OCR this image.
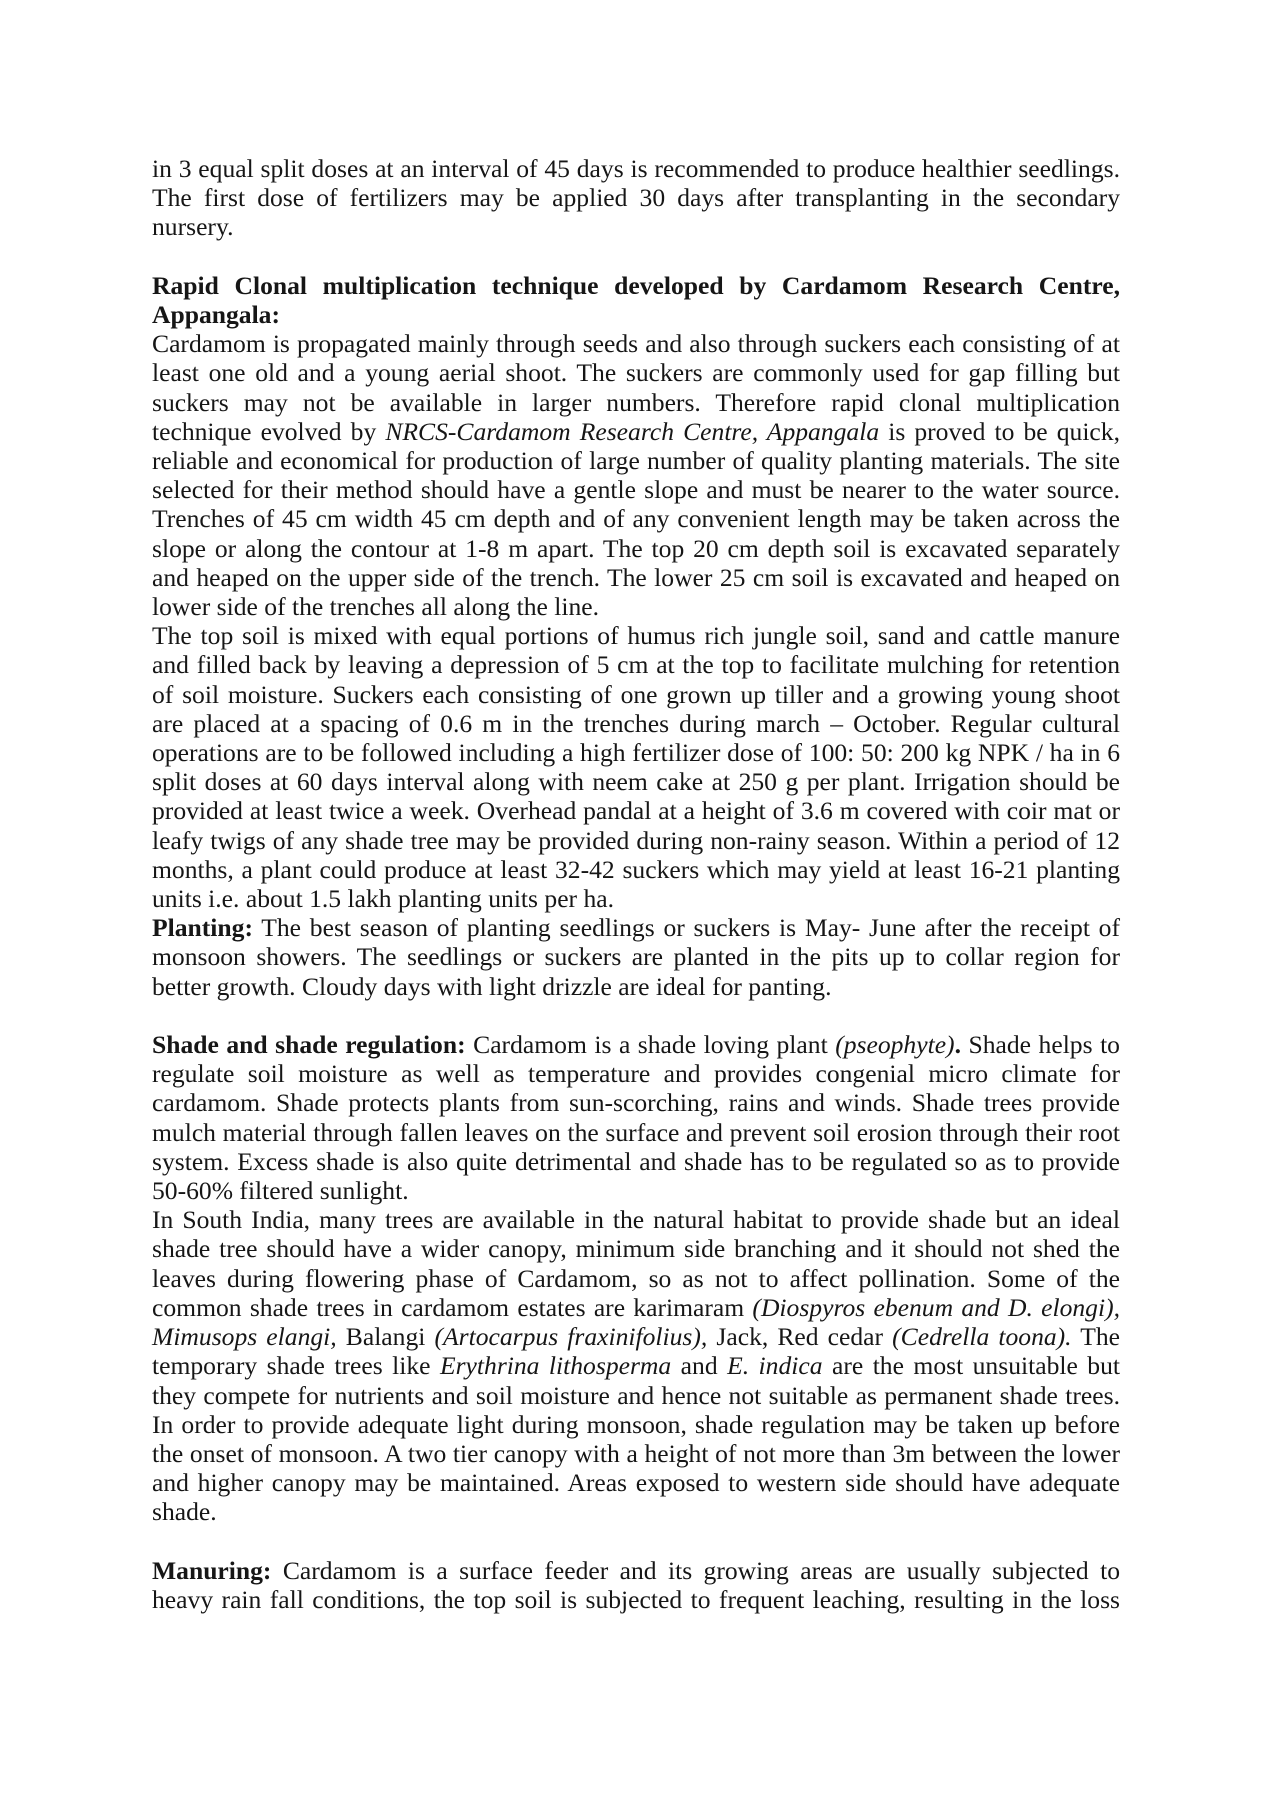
in 3 equal split doses at an interval of 45 days is recommended to produce healthier seedlings. The first dose of fertilizers may be applied 30 days after transplanting in the secondary nursery.

Rapid Clonal multiplication technique developed by Cardamom Research Centre, Appangala:

Cardamom is propagated mainly through seeds and also through suckers each consisting of at least one old and a young aerial shoot. The suckers are commonly used for gap filling but suckers may not be available in larger numbers. Therefore rapid clonal multiplication technique evolved by NRCS-Cardamom Research Centre, Appangala is proved to be quick, reliable and economical for production of large number of quality planting materials. The site selected for their method should have a gentle slope and must be nearer to the water source. Trenches of 45 cm width 45 cm depth and of any convenient length may be taken across the slope or along the contour at 1-8 m apart. The top 20 cm depth soil is excavated separately and heaped on the upper side of the trench. The lower 25 cm soil is excavated and heaped on lower side of the trenches all along the line.

The top soil is mixed with equal portions of humus rich jungle soil, sand and cattle manure and filled back by leaving a depression of 5 cm at the top to facilitate mulching for retention of soil moisture. Suckers each consisting of one grown up tiller and a growing young shoot are placed at a spacing of 0.6 m in the trenches during march – October. Regular cultural operations are to be followed including a high fertilizer dose of 100: 50: 200 kg NPK / ha in 6 split doses at 60 days interval along with neem cake at 250 g per plant. Irrigation should be provided at least twice a week. Overhead pandal at a height of 3.6 m covered with coir mat or leafy twigs of any shade tree may be provided during non-rainy season. Within a period of 12 months, a plant could produce at least 32-42 suckers which may yield at least 16-21 planting units i.e. about 1.5 lakh planting units per ha.

Planting: The best season of planting seedlings or suckers is May- June after the receipt of monsoon showers. The seedlings or suckers are planted in the pits up to collar region for better growth. Cloudy days with light drizzle are ideal for panting.

Shade and shade regulation: Cardamom is a shade loving plant (pseophyte). Shade helps to regulate soil moisture as well as temperature and provides congenial micro climate for cardamom. Shade protects plants from sun-scorching, rains and winds. Shade trees provide mulch material through fallen leaves on the surface and prevent soil erosion through their root system. Excess shade is also quite detrimental and shade has to be regulated so as to provide 50-60% filtered sunlight.

In South India, many trees are available in the natural habitat to provide shade but an ideal shade tree should have a wider canopy, minimum side branching and it should not shed the leaves during flowering phase of Cardamom, so as not to affect pollination. Some of the common shade trees in cardamom estates are karimaram (Diospyros ebenum and D. elongi), Mimusops elangi, Balangi (Artocarpus fraxinifolius), Jack, Red cedar (Cedrella toona). The temporary shade trees like Erythrina lithosperma and E. indica are the most unsuitable but they compete for nutrients and soil moisture and hence not suitable as permanent shade trees. In order to provide adequate light during monsoon, shade regulation may be taken up before the onset of monsoon. A two tier canopy with a height of not more than 3m between the lower and higher canopy may be maintained. Areas exposed to western side should have adequate shade.

Manuring: Cardamom is a surface feeder and its growing areas are usually subjected to heavy rain fall conditions, the top soil is subjected to frequent leaching, resulting in the loss
